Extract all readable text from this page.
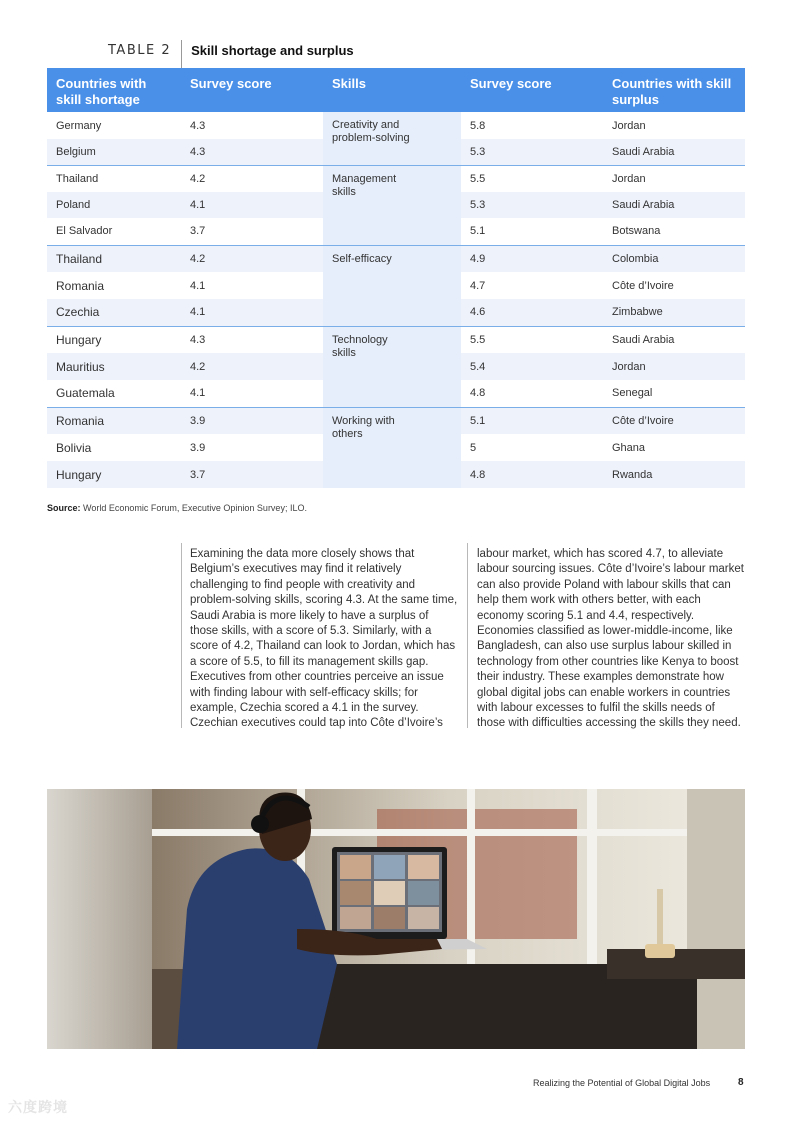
TABLE 2	Skill shortage and surplus
Countries with skill shortage	Survey score	Skills	Survey score	Countries with skill surplus
Germany	4.3	Creativity and problem-solving	5.8	Jordan
Belgium	4.3		5.3	Saudi Arabia
Thailand	4.2	Management skills	5.5	Jordan
Poland	4.1		5.3	Saudi Arabia
El Salvador	3.7		5.1	Botswana
Thailand	4.2	Self-efficacy	4.9	Colombia
Romania	4.1		4.7	Côte d’Ivoire
Czechia	4.1		4.6	Zimbabwe
Hungary	4.3	Technology skills	5.5	Saudi Arabia
Mauritius	4.2		5.4	Jordan
Guatemala	4.1		4.8	Senegal
Romania	3.9	Working with others	5.1	Côte d’Ivoire
Bolivia	3.9		5	Ghana
Hungary	3.7		4.8	Rwanda
Source: World Economic Forum, Executive Opinion Survey; ILO.
Examining the data more closely shows that Belgium’s executives may find it relatively challenging to find people with creativity and problem-solving skills, scoring 4.3. At the same time, Saudi Arabia is more likely to have a surplus of those skills, with a score of 5.3. Similarly, with a score of 4.2, Thailand can look to Jordan, which has a score of 5.5, to fill its management skills gap. Executives from other countries perceive an issue with finding labour with self-efficacy skills; for example, Czechia scored a 4.1 in the survey. Czechian executives could tap into Côte d’Ivoire’s
labour market, which has scored 4.7, to alleviate labour sourcing issues. Côte d’Ivoire’s labour market can also provide Poland with labour skills that can help them work with others better, with each economy scoring 5.1 and 4.4, respectively. Economies classified as lower-middle-income, like Bangladesh, can also use surplus labour skilled in technology from other countries like Kenya to boost their industry. These examples demonstrate how global digital jobs can enable workers in countries with labour excesses to fulfil the skills needs of those with difficulties accessing the skills they need.
Realizing the Potential of Global Digital Jobs	8
六度跨境
